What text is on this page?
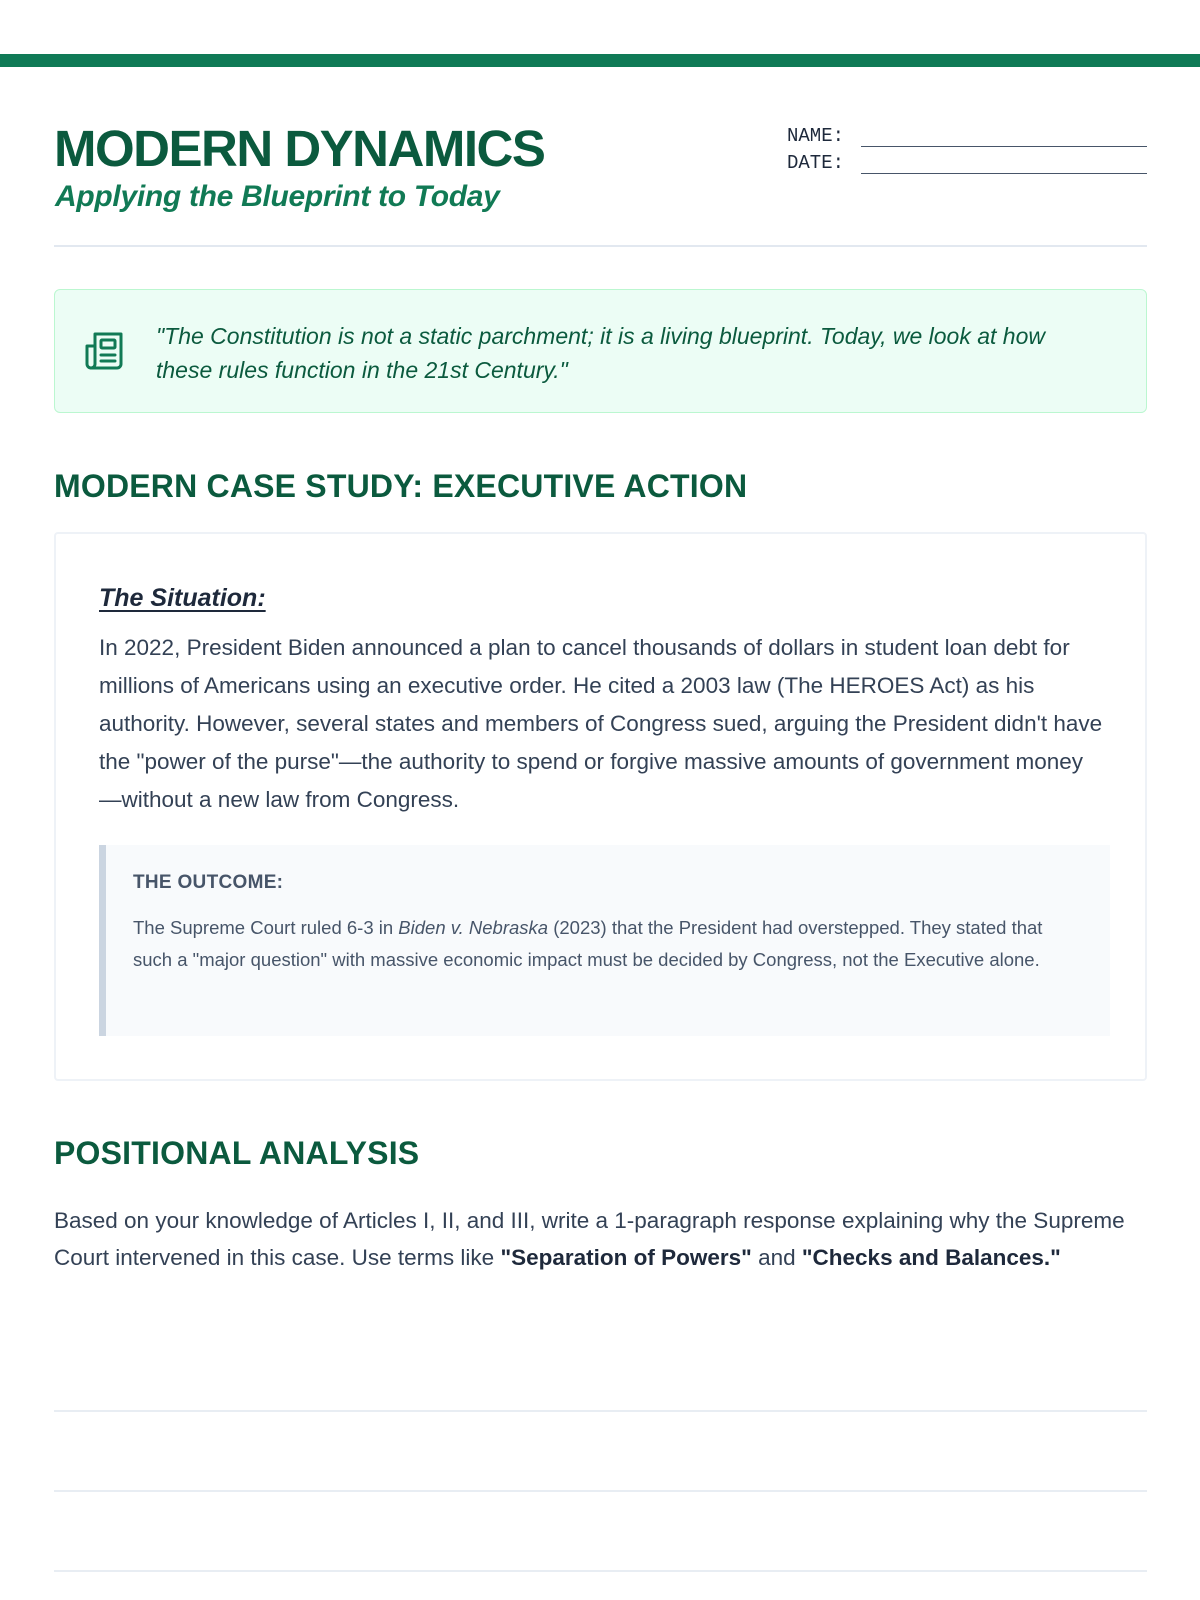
MODERN DYNAMICS
Applying the Blueprint to Today
NAME:
DATE:
"The Constitution is not a static parchment; it is a living blueprint. Today, we look at how these rules function in the 21st Century."
MODERN CASE STUDY: EXECUTIVE ACTION
The Situation:

In 2022, President Biden announced a plan to cancel thousands of dollars in student loan debt for millions of Americans using an executive order. He cited a 2003 law (The HEROES Act) as his authority. However, several states and members of Congress sued, arguing the President didn't have the "power of the purse"—the authority to spend or forgive massive amounts of government money—without a new law from Congress.

THE OUTCOME:

The Supreme Court ruled 6-3 in Biden v. Nebraska (2023) that the President had overstepped. They stated that such a "major question" with massive economic impact must be decided by Congress, not the Executive alone.

POSITIONAL ANALYSIS

Based on your knowledge of Articles I, II, and III, write a 1-paragraph response explaining why the Supreme Court intervened in this case. Use terms like "Separation of Powers" and "Checks and Balances."
